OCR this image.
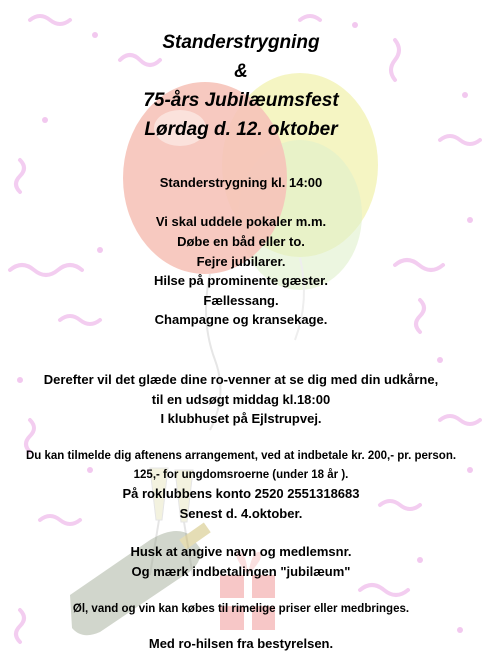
Standerstrygning
&
75-års Jubilæumsfest
Lørdag d. 12. oktober
Standerstrygning kl. 14:00
Vi skal uddele pokaler m.m.
Døbe en båd eller to.
Fejre jubilarer.
Hilse på prominente gæster.
Fællessang.
Champagne og kransekage.
Derefter vil det glæde dine ro-venner at se dig med din udkårne,
til en udsøgt middag kl.18:00
I klubhuset på Ejlstrupvej.
Du kan tilmelde dig aftenens arrangement, ved at indbetale kr. 200,- pr. person.
125,- for ungdomsroerne (under 18 år ).
På roklubbens konto 2520 2551318683
Senest d. 4.oktober.
Husk at angive navn og medlemsnr.
Og mærk indbetalingen "jubilæum"
Øl, vand og vin kan købes til rimelige priser eller medbringes.
Med ro-hilsen fra bestyrelsen.
